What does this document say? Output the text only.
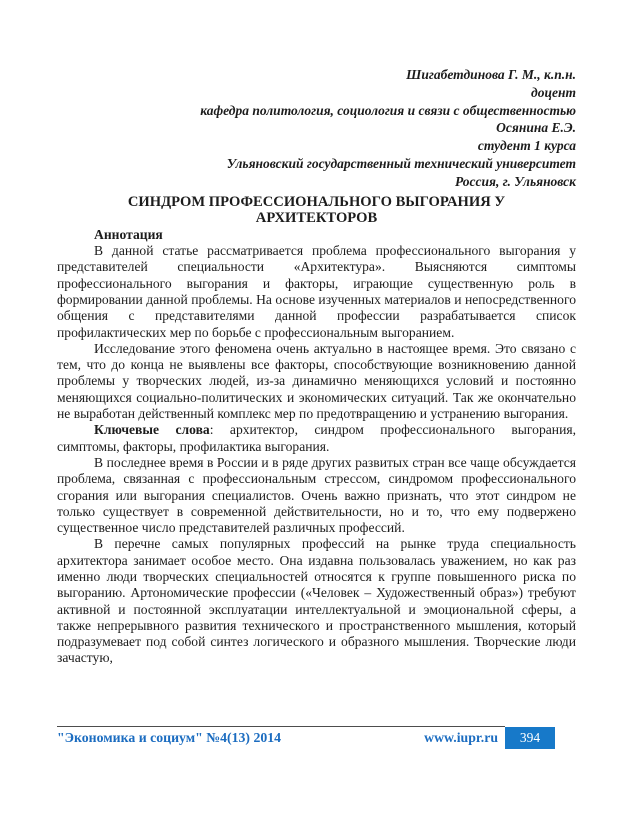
Шигабетдинова Г. М., к.п.н.
доцент
кафедра политология, социология и связи с общественностью
Осянина Е.Э.
студент 1 курса
Ульяновский государственный технический университет
Россия, г. Ульяновск
СИНДРОМ ПРОФЕССИОНАЛЬНОГО ВЫГОРАНИЯ У
АРХИТЕКТОРОВ

Аннотация

В данной статье рассматривается проблема профессионального выгорания у представителей специальности «Архитектура». Выясняются симптомы профессионального выгорания и факторы, играющие существенную роль в формировании данной проблемы. На основе изученных материалов и непосредственного общения с представителями данной профессии разрабатывается список профилактических мер по борьбе с профессиональным выгоранием.

Исследование этого феномена очень актуально в настоящее время. Это связано с тем, что до конца не выявлены все факторы, способствующие возникновению данной проблемы у творческих людей, из-за динамично меняющихся условий и постоянно меняющихся социально-политических и экономических ситуаций. Так же окончательно не выработан действенный комплекс мер по предотвращению и устранению выгорания.

Ключевые слова: архитектор, синдром профессионального выгорания, симптомы, факторы, профилактика выгорания.

В последнее время в России и в ряде других развитых стран все чаще обсуждается проблема, связанная с профессиональным стрессом, синдромом профессионального сгорания или выгорания специалистов. Очень важно признать, что этот синдром не только существует в современной действительности, но и то, что ему подвержено существенное число представителей различных профессий.

В перечне самых популярных профессий на рынке труда специальность архитектора занимает особое место. Она издавна пользовалась уважением, но как раз именно люди творческих специальностей относятся к группе повышенного риска по выгоранию. Артономические профессии («Человек – Художественный образ») требуют активной и постоянной эксплуатации интеллектуальной и эмоциональной сферы, а также непрерывного развития технического и пространственного мышления, который подразумевает под собой синтез логического и образного мышления. Творческие люди зачастую,

"Экономика и социум" №4(13) 2014	www.iupr.ru	394
